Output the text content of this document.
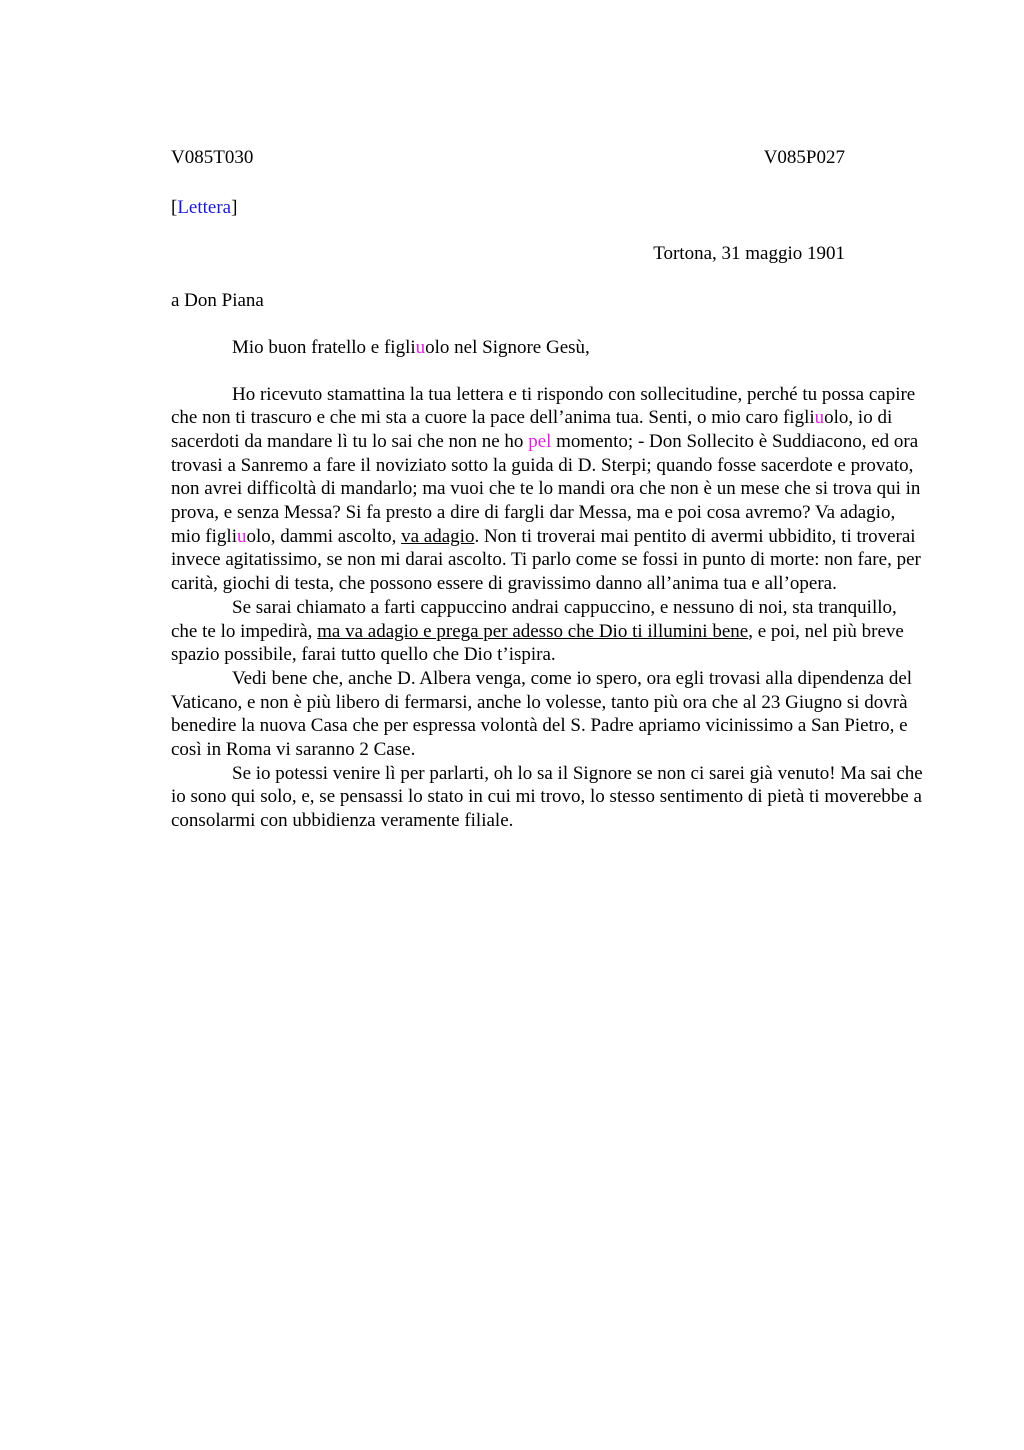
V085T030	V085P027
[Lettera]
Tortona, 31 maggio 1901
a Don Piana
Mio buon fratello e figliuolo nel Signore Gesù,

Ho ricevuto stamattina la tua lettera e ti rispondo con sollecitudine, perché tu possa capire che non ti trascuro e che mi sta a cuore la pace dell’anima tua. Senti, o mio caro figliuolo, io di sacerdoti da mandare lì tu lo sai che non ne ho pel momento; - Don Sollecito è Suddiacono, ed ora trovasi a Sanremo a fare il noviziato sotto la guida di D. Sterpi; quando fosse sacerdote e provato, non avrei difficoltà di mandarlo; ma vuoi che te lo mandi ora che non è un mese che si trova qui in prova, e senza Messa? Si fa presto a dire di fargli dar Messa, ma e poi cosa avremo? Va adagio, mio figliuolo, dammi ascolto, va adagio. Non ti troverai mai pentito di avermi ubbidito, ti troverai invece agitatissimo, se non mi darai ascolto. Ti parlo come se fossi in punto di morte: non fare, per carità, giochi di testa, che possono essere di gravissimo danno all’anima tua e all’opera.

Se sarai chiamato a farti cappuccino andrai cappuccino, e nessuno di noi, sta tranquillo, che te lo impedirà, ma va adagio e prega per adesso che Dio ti illumini bene, e poi, nel più breve spazio possibile, farai tutto quello che Dio t’ispira.

Vedi bene che, anche D. Albera venga, come io spero, ora egli trovasi alla dipendenza del Vaticano, e non è più libero di fermarsi, anche lo volesse, tanto più ora che al 23 Giugno si dovrà benedire la nuova Casa che per espressa volontà del S. Padre apriamo vicinissimo a San Pietro, e così in Roma vi saranno 2 Case.

Se io potessi venire lì per parlarti, oh lo sa il Signore se non ci sarei già venuto! Ma sai che io sono qui solo, e, se pensassi lo stato in cui mi trovo, lo stesso sentimento di pietà ti moverebbe a consolarmi con ubbidienza veramente filiale.
